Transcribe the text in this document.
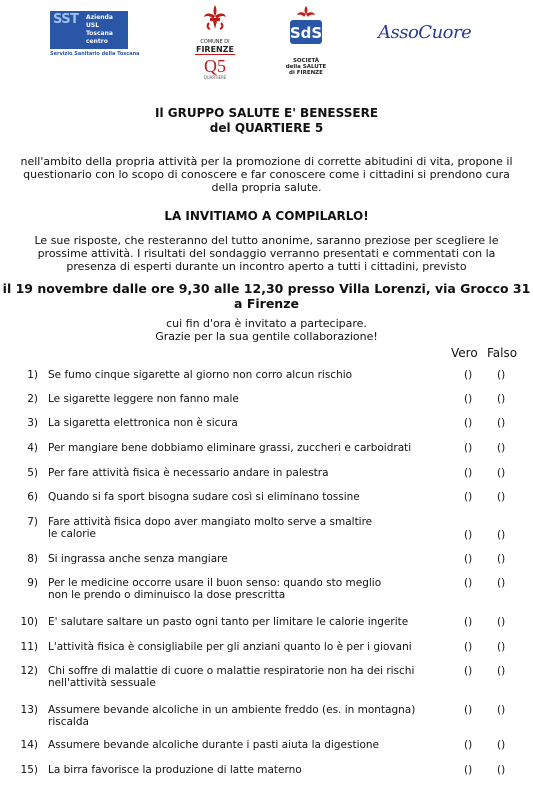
SST Azienda USL Toscana centro
Servizio Sanitario della Toscana
COMUNE DI
FIRENZE
Q5
QUARTIERE
SdS
SOCIETÀ
della SALUTE
di FIRENZE
AssoCuore
Il GRUPPO SALUTE E' BENESSERE
del QUARTIERE 5
nell'ambito della propria attività per la promozione di corrette abitudini di vita, propone il
questionario con lo scopo di conoscere e far conoscere come i cittadini si prendono cura
della propria salute.
LA INVITIAMO A COMPILARLO!
Le sue risposte, che resteranno del tutto anonime, saranno preziose per scegliere le
prossime attività. I risultati del sondaggio verranno presentati e commentati con la
presenza di esperti durante un incontro aperto a tutti i cittadini, previsto
il 19 novembre dalle ore 9,30 alle 12,30 presso Villa Lorenzi, via Grocco 31
a Firenze
cui fin d'ora è invitato a partecipare.
Grazie per la sua gentile collaborazione!
Vero Falso
1) Se fumo cinque sigarette al giorno non corro alcun rischio	() ()
2) Le sigarette leggere non fanno male	() ()
3) La sigaretta elettronica non è sicura	() ()
4) Per mangiare bene dobbiamo eliminare grassi, zuccheri e carboidrati	() ()
5) Per fare attività fisica è necessario andare in palestra	() ()
6) Quando si fa sport bisogna sudare così si eliminano tossine	() ()
7) Fare attività fisica dopo aver mangiato molto serve a smaltire
le calorie	() ()
8) Si ingrassa anche senza mangiare	() ()
9) Per le medicine occorre usare il buon senso: quando sto meglio
non le prendo o diminuisco la dose prescritta
() ()
10) E' salutare saltare un pasto ogni tanto per limitare le calorie ingerite	() ()
11) L'attività fisica è consigliabile per gli anziani quanto lo è per i giovani	() ()
12) Chi soffre di malattie di cuore o malattie respiratorie non ha dei rischi
nell'attività sessuale
() ()
13) Assumere bevande alcoliche in un ambiente freddo (es. in montagna)
riscalda
() ()
14) Assumere bevande alcoliche durante i pasti aiuta la digestione	() ()
15) La birra favorisce la produzione di latte materno	() ()
